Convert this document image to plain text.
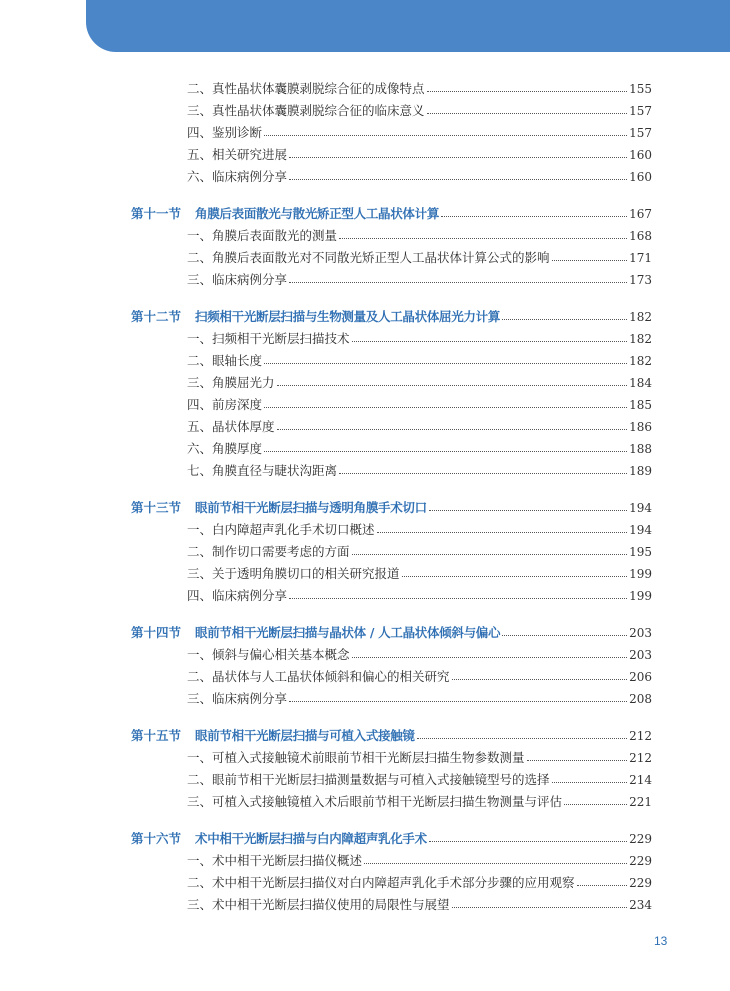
二、真性晶状体囊膜剥脱综合征的成像特点	155
三、真性晶状体囊膜剥脱综合征的临床意义	157
四、鉴别诊断	157
五、相关研究进展	160
六、临床病例分享	160
第十一节 角膜后表面散光与散光矫正型人工晶状体计算	167
一、角膜后表面散光的测量	168
二、角膜后表面散光对不同散光矫正型人工晶状体计算公式的影响	171
三、临床病例分享	173
第十二节 扫频相干光断层扫描与生物测量及人工晶状体屈光力计算	182
一、扫频相干光断层扫描技术	182
二、眼轴长度	182
三、角膜屈光力	184
四、前房深度	185
五、晶状体厚度	186
六、角膜厚度	188
七、角膜直径与睫状沟距离	189
第十三节 眼前节相干光断层扫描与透明角膜手术切口	194
一、白内障超声乳化手术切口概述	194
二、制作切口需要考虑的方面	195
三、关于透明角膜切口的相关研究报道	199
四、临床病例分享	199
第十四节 眼前节相干光断层扫描与晶状体 / 人工晶状体倾斜与偏心	203
一、倾斜与偏心相关基本概念	203
二、晶状体与人工晶状体倾斜和偏心的相关研究	206
三、临床病例分享	208
第十五节 眼前节相干光断层扫描与可植入式接触镜	212
一、可植入式接触镜术前眼前节相干光断层扫描生物参数测量	212
二、眼前节相干光断层扫描测量数据与可植入式接触镜型号的选择	214
三、可植入式接触镜植入术后眼前节相干光断层扫描生物测量与评估	221
第十六节 术中相干光断层扫描与白内障超声乳化手术	229
一、术中相干光断层扫描仪概述	229
二、术中相干光断层扫描仪对白内障超声乳化手术部分步骤的应用观察	229
三、术中相干光断层扫描仪使用的局限性与展望	234
13
